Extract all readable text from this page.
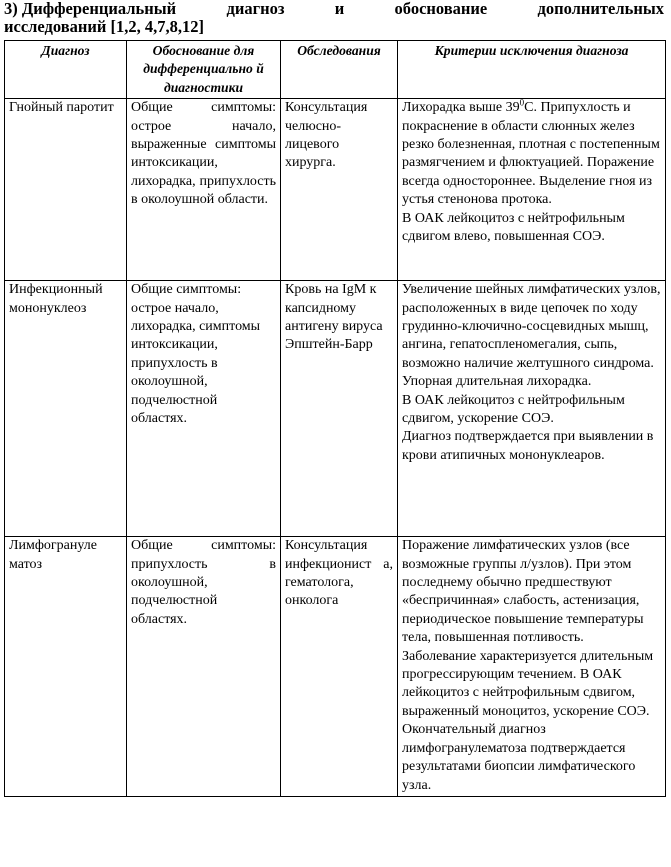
3) Дифференциальный	диагноз	и	обоснование	дополнительных
исследований [1,2, 4,7,8,12]
Диагноз	Обоснование для дифференциально й диагностики	Обследования	Критерии исключения диагноза
Гнойный паротит	Общие симптомы: острое начало, выраженные симптомы интоксикации, лихорадка, припухлость в околоушной области.	Консультация челюсно-лицевого хирурга.	Лихорадка выше $39^0С$. Припухлость и покраснение в области слюнных желез резко болезненная, плотная с постепенным размягчением и флюктуацией. Поражение всегда одностороннее. Выделение гноя из устья стенонова протока.
В ОАК лейкоцитоз с нейтрофильным сдвигом влево, повышенная СОЭ.

Инфекционный мононуклеоз	Общие симптомы: острое начало, лихорадка, симптомы интоксикации, припухлость в околоушной, подчелюстной областях.	Кровь на IgM к капсидному антигену вируса Эпштейн-Барр	Увеличение шейных лимфатических узлов, расположенных в виде цепочек по ходу грудинно-ключично-сосцевидных мышц, ангина, гепатоспленомегалия, сыпь, возможно наличие желтушного синдрома. Упорная длительная лихорадка.
В ОАК лейкоцитоз с нейтрофильным сдвигом, ускорение СОЭ.
Диагноз подтверждается при выявлении в крови атипичных мононуклеаров.

Лимфогрануле матоз	Общие симптомы: припухлость в околоушной, подчелюстной областях.	Консультация инфекционист а, гематолога, онколога	Поражение лимфатических узлов (все возможные группы л/узлов). При этом последнему обычно предшествуют «беспричинная» слабость, астенизация, периодическое повышение температуры тела, повышенная потливость. Заболевание характеризуется длительным прогрессирующим течением. В ОАК лейкоцитоз с нейтрофильным сдвигом, выраженный моноцитоз, ускорение СОЭ.
Окончательный диагноз лимфогранулематоза подтверждается результатами биопсии лимфатического узла.
